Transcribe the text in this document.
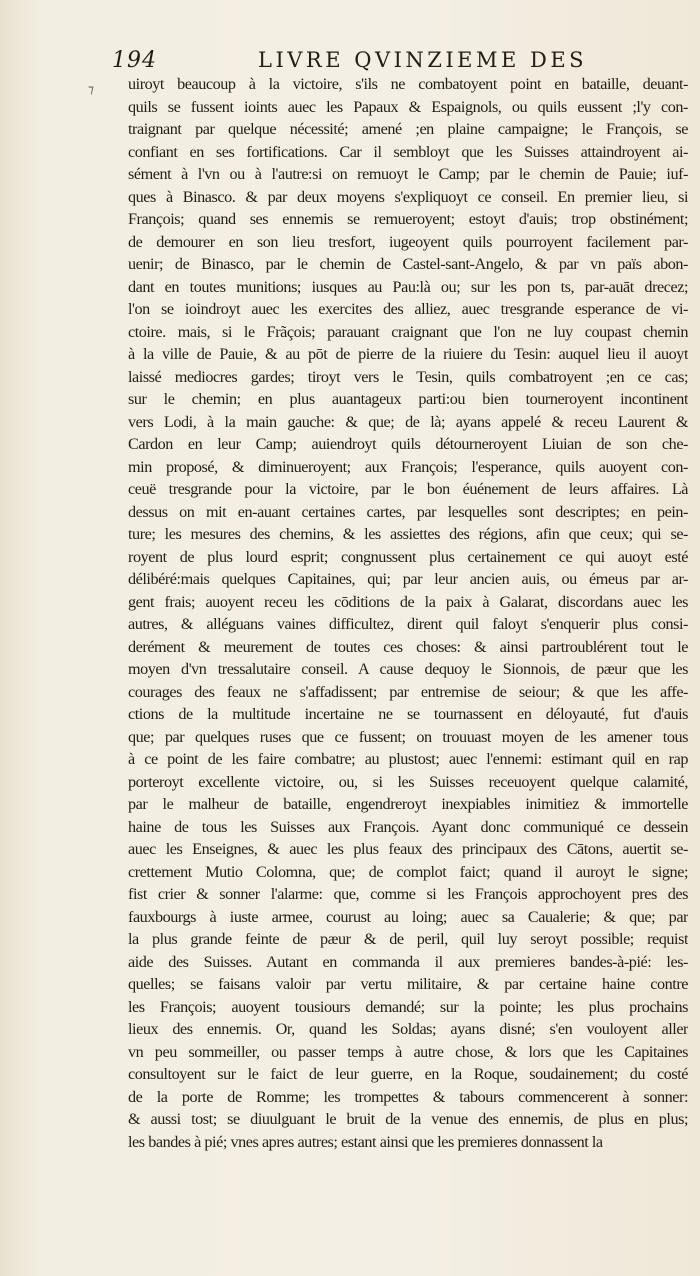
⁊
194	LIVRE QVINZIEME DES
uiroyt beaucoup à la victoire, s'ils ne combatoyent point en bataille, deuant-
quils se fussent ioints auec les Papaux & Espaignols, ou quils eussent ;l'y con-
traignant par quelque nécessité; amené ;en plaine campaigne; le François, se
confiant en ses fortifications. Car il sembloyt que les Suisses attaindroyent ai-
sément à l'vn ou à l'autre:si on remuoyt le Camp; par le chemin de Pauie; iuf-
ques à Binasco. & par deux moyens s'expliquoyt ce conseil. En premier lieu, si
François; quand ses ennemis se remueroyent; estoyt d'auis; trop obstinément;
de demourer en son lieu tresfort, iugeoyent quils pourroyent facilement par-
uenir; de Binasco, par le chemin de Castel-sant-Angelo, & par vn païs abon-
dant en toutes munitions; iusques au Pau:là ou; sur les pon ts, par-auāt drecez;
l'on se ioindroyt auec les exercites des alliez, auec tresgrande esperance de vi-
ctoire. mais, si le Frãçois; parauant craignant que l'on ne luy coupast chemin
à la ville de Pauie, & au pōt de pierre de la riuiere du Tesin: auquel lieu il auoyt
laissé mediocres gardes; tiroyt vers le Tesin, quils combatroyent ;en ce cas;
sur le chemin; en plus auantageux parti:ou bien tourneroyent incontinent
vers Lodi, à la main gauche: & que; de là; ayans appelé & receu Laurent &
Cardon en leur Camp; auiendroyt quils détourneroyent Liuian de son che-
min proposé, & diminueroyent; aux François; l'esperance, quils auoyent con-
ceuë tresgrande pour la victoire, par le bon éuénement de leurs affaires. Là
dessus on mit en-auant certaines cartes, par lesquelles sont descriptes; en pein-
ture; les mesures des chemins, & les assiettes des régions, afin que ceux; qui se-
royent de plus lourd esprit; congnussent plus certainement ce qui auoyt esté
délibéré:mais quelques Capitaines, qui; par leur ancien auis, ou émeus par ar-
gent frais; auoyent receu les cōditions de la paix à Galarat, discordans auec les
autres, & alléguans vaines difficultez, dirent quil faloyt s'enquerir plus consi-
derément & meurement de toutes ces choses: & ainsi partroublérent tout le
moyen d'vn tressalutaire conseil. A cause dequoy le Sionnois, de pæur que les
courages des feaux ne s'affadissent; par entremise de seiour; & que les affe-
ctions de la multitude incertaine ne se tournassent en déloyauté, fut d'auis
que; par quelques ruses que ce fussent; on trouuast moyen de les amener tous
à ce point de les faire combatre; au plustost; auec l'ennemi: estimant quil en rap
porteroyt excellente victoire, ou, si les Suisses receuoyent quelque calamité,
par le malheur de bataille, engendreroyt inexpiables inimitiez & immortelle
haine de tous les Suisses aux François. Ayant donc communiqué ce dessein
auec les Enseignes, & auec les plus feaux des principaux des Cātons, auertit se-
crettement Mutio Colomna, que; de complot faict; quand il auroyt le signe;
fist crier & sonner l'alarme: que, comme si les François approchoyent pres des
fauxbourgs à iuste armee, courust au loing; auec sa Caualerie; & que; par
la plus grande feinte de pæur & de peril, quil luy seroyt possible; requist
aide des Suisses. Autant en commanda il aux premieres bandes-à-pié: les-
quelles; se faisans valoir par vertu militaire, & par certaine haine contre
les François; auoyent tousiours demandé; sur la pointe; les plus prochains
lieux des ennemis. Or, quand les Soldas; ayans disné; s'en vouloyent aller
vn peu sommeiller, ou passer temps à autre chose, & lors que les Capitaines
consultoyent sur le faict de leur guerre, en la Roque, soudainement; du costé
de la porte de Romme; les trompettes & tabours commencerent à sonner:
& aussi tost; se diuulguant le bruit de la venue des ennemis, de plus en plus;
les bandes à pié; vnes apres autres; estant ainsi que les premieres donnassent la
